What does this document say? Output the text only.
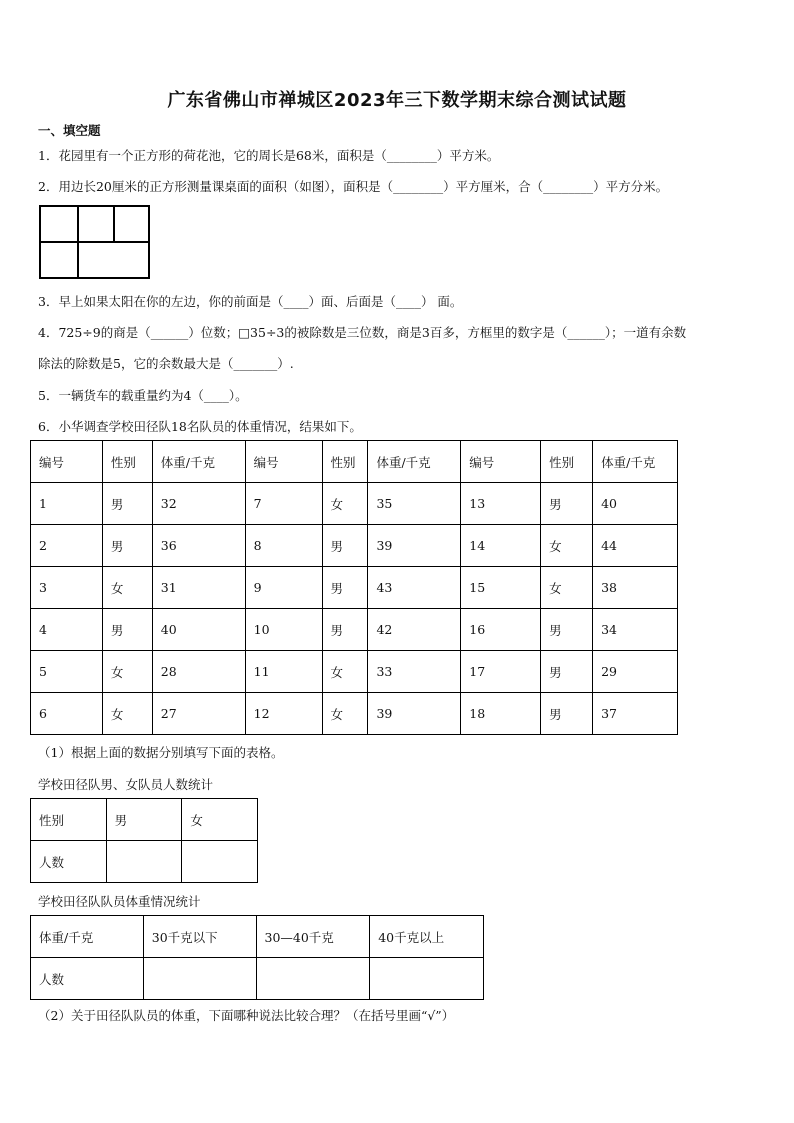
广东省佛山市禅城区2023年三下数学期末综合测试试题
一、填空题
1．花园里有一个正方形的荷花池，它的周长是68米，面积是（________）平方米。
2．用边长20厘米的正方形测量课桌面的面积（如图），面积是（________）平方厘米，合（________）平方分米。
3．早上如果太阳在你的左边，你的前面是（____）面、后面是（____） 面。
4．725÷9的商是（______）位数；□35÷3的被除数是三位数，商是3百多，方框里的数字是（______）；一道有余数
除法的除数是5，它的余数最大是（_______）.
5．一辆货车的载重量约为4（____）。
6．小华调查学校田径队18名队员的体重情况，结果如下。
编号	性别	体重/千克	编号	性别	体重/千克	编号	性别	体重/千克
1	男	32	7	女	35	13	男	40
2	男	36	8	男	39	14	女	44
3	女	31	9	男	43	15	女	38
4	男	40	10	男	42	16	男	34
5	女	28	11	女	33	17	男	29
6	女	27	12	女	39	18	男	37
（1）根据上面的数据分别填写下面的表格。
学校田径队男、女队员人数统计
性别	男	女
人数		
学校田径队队员体重情况统计
体重/千克	30千克以下	30—40千克	40千克以上
人数			
（2）关于田径队队员的体重，下面哪种说法比较合理？（在括号里画“√”）
